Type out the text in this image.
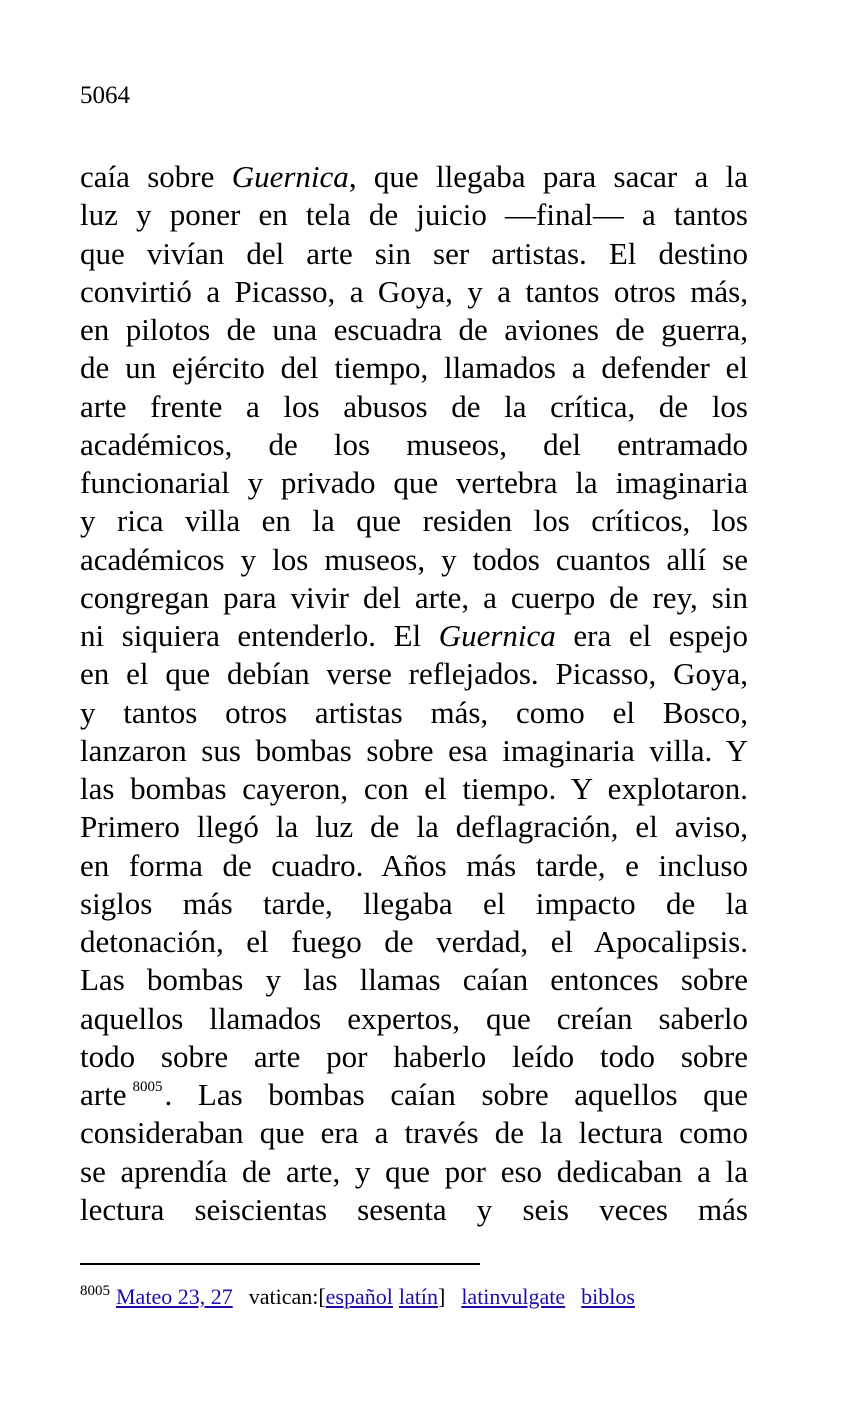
5064
caía sobre Guernica, que llegaba para sacar a la
luz y poner en tela de juicio —final— a tantos
que vivían del arte sin ser artistas. El destino
convirtió a Picasso, a Goya, y a tantos otros más,
en pilotos de una escuadra de aviones de guerra,
de un ejército del tiempo, llamados a defender el
arte frente a los abusos de la crítica, de los
académicos, de los museos, del entramado
funcionarial y privado que vertebra la imaginaria
y rica villa en la que residen los críticos, los
académicos y los museos, y todos cuantos allí se
congregan para vivir del arte, a cuerpo de rey, sin
ni siquiera entenderlo. El Guernica era el espejo
en el que debían verse reflejados. Picasso, Goya,
y tantos otros artistas más, como el Bosco,
lanzaron sus bombas sobre esa imaginaria villa. Y
las bombas cayeron, con el tiempo. Y explotaron.
Primero llegó la luz de la deflagración, el aviso,
en forma de cuadro. Años más tarde, e incluso
siglos más tarde, llegaba el impacto de la
detonación, el fuego de verdad, el Apocalipsis.
Las bombas y las llamas caían entonces sobre
aquellos llamados expertos, que creían saberlo
todo sobre arte por haberlo leído todo sobre
arte $^{8005}$. Las bombas caían sobre aquellos que
consideraban que era a través de la lectura como
se aprendía de arte, y que por eso dedicaban a la
lectura seiscientas sesenta y seis veces más
$^{8005}$ Mateo 23, 27 vatican:[español latín] latinvulgate biblos
